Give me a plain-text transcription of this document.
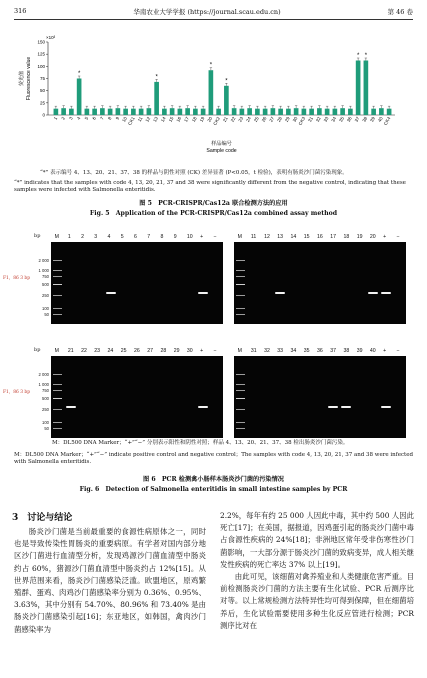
316	华南农业大学学报 (https://journal.scau.edu.cn)	第 46 卷
×10³
0
25
50
75
100
125
150
Fluorescence value
荧光值
1 2 3
*
4 5 6 7 8 9 10 CK1 11 12
*
13 14 15 16 17 18 19
*
20 CK2
*
21 22 23 24 25 26 27 28 29 30 CK3 31 32 33 34 35 36
*
37
*
38 39 40 CK4
样品编号
Sample code
“*” 表示编号 4、13、20、21、37、38 的样品与阴性对照 (CK) 差异显著 (P<0.05，t 检验)，表明有肠炎沙门菌污染现象。
“*” indicates that the samples with code 4, 13, 20, 21, 37 and 38 were significantly different from the negative control, indicating that these samples were infected with Salmonella enteritidis.
图 5　PCR-CRISPR/Cas12a 联合检测方法的应用
Fig. 5　Application of the PCR-CRISPR/Cas12a combined assay method
bp
bp
F1，86 3 bp
F1，86 3 bp
M 1 2 3 4 5 6 7 8 9 10 + −
2 000
1 000
750
500
250
100
50
M 11 12 13 14 15 16 17 18 19 20 + −
M 21 22 23 24 25 26 27 28 29 30 + −
2 000
1 000
750
500
250
100
50
M 31 32 33 34 35 36 37 38 39 40 + −
M：DL500 DNA Marker；“+”“−” 分别表示阳性和阴性对照；样品 4、13、20、21、37、38 检出肠炎沙门菌污染。
M：DL500 DNA Marker；“+”“−” indicate positive control and negative control；The samples with code 4, 13, 20, 21, 37 and 38 were infected with Salmonella enteritidis.
图 6　PCR 检测禽小肠样本肠炎沙门菌的污染情况
Fig. 6　Detection of Salmonella enteritidis in small intestine samples by PCR
3　讨论与结论

肠炎沙门菌是当前最重要的食源性病原体之一，同时也是导致传染性胃肠炎的重要病原。有学者对国内部分地区沙门菌进行血清型分析，发现鸡源沙门菌血清型中肠炎约占 60%，猪源沙门菌血清型中肠炎约占 12%[15]。从世界范围来看，肠炎沙门菌感染泛滥。欧盟地区，原鸡繁殖群、蛋鸡、肉鸡沙门菌感染率分别为 0.36%、0.95%、3.63%，其中分别有 54.70%、80.96% 和 73.40% 是由肠炎沙门菌感染引起[16]；东亚地区，如韩国，禽肉沙门菌感染率为

2.2%，每年有约 25 000 人因此中毒，其中约 500 人因此死亡[17]；在美国，据报道，因鸡蛋引起的肠炎沙门菌中毒占食源性疾病的 24%[18]；非洲地区常年受非伤寒性沙门菌影响，一大部分源于肠炎沙门菌的致病变异，成人相关继发性疾病的死亡率达 37% 以上[19]。

由此可见，该细菌对禽养殖业和人类健康危害严重。目前检测肠炎沙门菌的方法主要有生化试验、PCR 后测序比对等。以上常规检测方法特异性均可得到保障，但在细菌培养后，生化试验需要使用多种生化反应管进行检测；PCR 测序比对在
